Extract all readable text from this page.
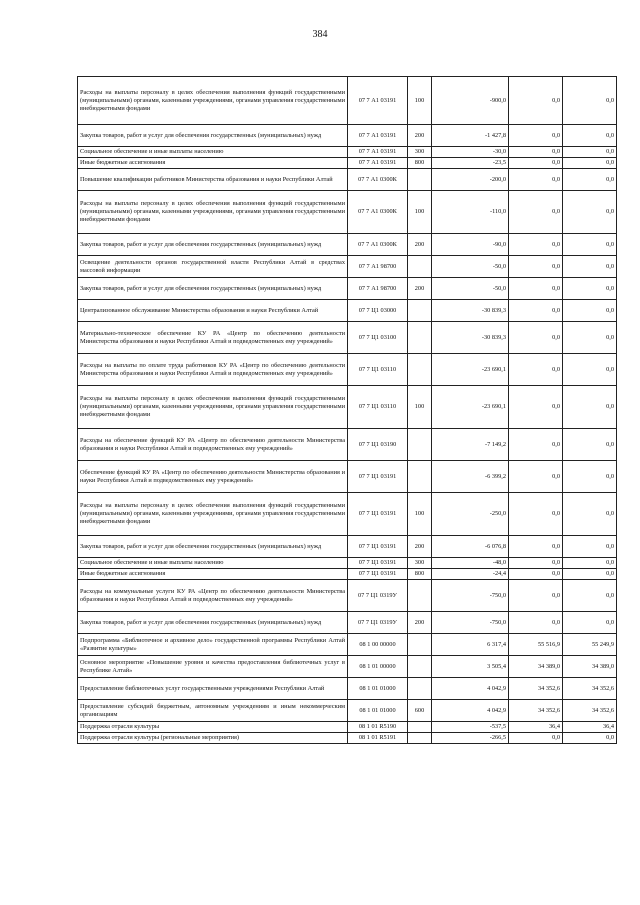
384
Расходы на выплаты персоналу в целях обеспечения выполнения функций государственными (муниципальными) органами, казенными учреждениями, органами управления государственными внебюджетными фондами	07 7 А1 03191	100	-900,0	0,0	0,0
Закупка товаров, работ и услуг для обеспечения государственных (муниципальных) нужд	07 7 А1 03191	200	-1 427,8	0,0	0,0
Социальное обеспечение и иные выплаты населению	07 7 А1 03191	300	-30,0	0,0	0,0
Иные бюджетные ассигнования	07 7 А1 03191	800	-23,5	0,0	0,0
Повышение квалификации работников Министерства образования и науки Республики Алтай	07 7 А1 0300К		-200,0	0,0	0,0
Расходы на выплаты персоналу в целях обеспечения выполнения функций государственными (муниципальными) органами, казенными учреждениями, органами управления государственными внебюджетными фондами	07 7 А1 0300К	100	-110,0	0,0	0,0
Закупка товаров, работ и услуг для обеспечения государственных (муниципальных) нужд	07 7 А1 0300К	200	-90,0	0,0	0,0
Освещение деятельности органов государственной власти Республики Алтай в средствах массовой информации	07 7 А1 98700		-50,0	0,0	0,0
Закупка товаров, работ и услуг для обеспечения государственных (муниципальных) нужд	07 7 А1 98700	200	-50,0	0,0	0,0
Централизованное обслуживание Министерства образования и науки Республики Алтай	07 7 Ц1 03000		-30 839,3	0,0	0,0
Материально-техническое обеспечение КУ РА «Центр по обеспечению деятельности Министерства образования и науки Республики Алтай и подведомственных ему учреждений»	07 7 Ц1 03100		-30 839,3	0,0	0,0
Расходы на выплаты по оплате труда работников КУ РА «Центр по обеспечению деятельности Министерства образования и науки Республики Алтай и подведомственных ему учреждений»	07 7 Ц1 03110		-23 690,1	0,0	0,0
Расходы на выплаты персоналу в целях обеспечения выполнения функций государственными (муниципальными) органами, казенными учреждениями, органами управления государственными внебюджетными фондами	07 7 Ц1 03110	100	-23 690,1	0,0	0,0
Расходы на обеспечение функций КУ РА «Центр по обеспечению деятельности Министерства образования и науки Республики Алтай и подведомственных ему учреждений»	07 7 Ц1 03190		-7 149,2	0,0	0,0
Обеспечение функций КУ РА «Центр по обеспечению деятельности Министерства образования и науки Республики Алтай и подведомственных ему учреждений»	07 7 Ц1 03191		-6 399,2	0,0	0,0
Расходы на выплаты персоналу в целях обеспечения выполнения функций государственными (муниципальными) органами, казенными учреждениями, органами управления государственными внебюджетными фондами	07 7 Ц1 03191	100	-250,0	0,0	0,0
Закупка товаров, работ и услуг для обеспечения государственных (муниципальных) нужд	07 7 Ц1 03191	200	-6 076,8	0,0	0,0
Социальное обеспечение и иные выплаты населению	07 7 Ц1 03191	300	-48,0	0,0	0,0
Иные бюджетные ассигнования	07 7 Ц1 03191	800	-24,4	0,0	0,0
Расходы на коммунальные услуги КУ РА «Центр по обеспечению деятельности Министерства образования и науки Республики Алтай и подведомственных ему учреждений»	07 7 Ц1 0319У		-750,0	0,0	0,0
Закупка товаров, работ и услуг для обеспечения государственных (муниципальных) нужд	07 7 Ц1 0319У	200	-750,0	0,0	0,0
Подпрограмма «Библиотечное и архивное дело» государственной программы Республики Алтай «Развитие культуры»	08 1 00 00000		6 317,4	55 516,9	55 249,9
Основное мероприятие «Повышение уровня и качества предоставления библиотечных услуг в Республике Алтай»	08 1 01 00000		3 505,4	34 389,0	34 389,0
Предоставление библиотечных услуг государственными учреждениями Республики Алтай	08 1 01 01000		4 042,9	34 352,6	34 352,6
Предоставление субсидий бюджетным, автономным учреждениям и иным некоммерческим организациям	08 1 01 01000	600	4 042,9	34 352,6	34 352,6
Поддержка отрасли культуры	08 1 01 R5190		-537,5	36,4	36,4
Поддержка отрасли культуры (региональные мероприятия)	08 1 01 R5191		-266,5	0,0	0,0
